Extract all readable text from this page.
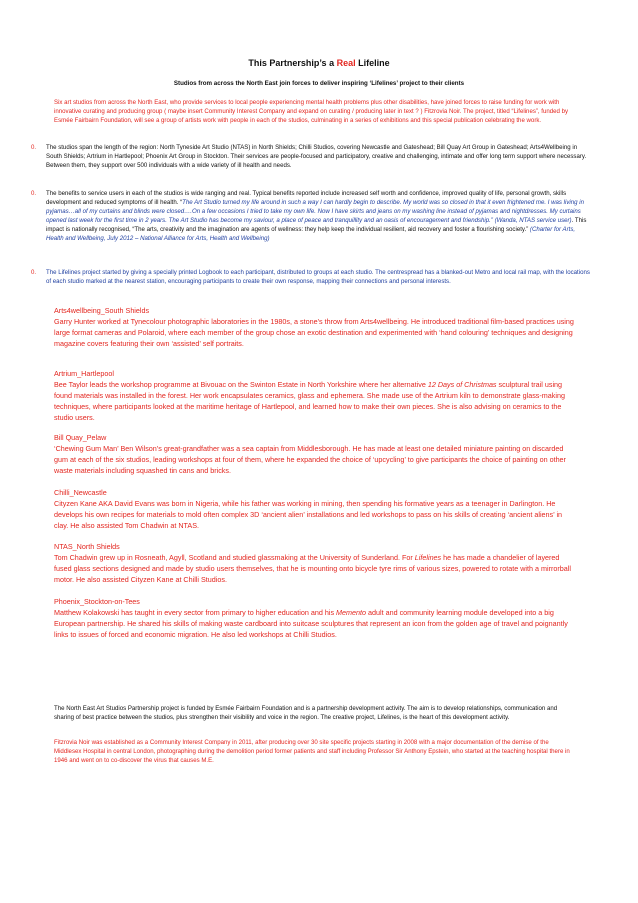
This Partnership’s a Real Lifeline
Studios from across the North East join forces to deliver inspiring ‘Lifelines’ project to their clients
Six art studios from across the North East, who provide services to local people experiencing mental health problems plus other disabilities, have joined forces to raise funding for work with innovative curating and producing group ( maybe insert Community Interest Company and expand on curating / producing later in text ? ) Fitzrovia Noir. The project, titled “Lifelines”, funded by Esmée Fairbairn Foundation, will see a group of artists work with people in each of the studios, culminating in a series of exhibitions and this special publication celebrating the work.
0. The studios span the length of the region: North Tyneside Art Studio (NTAS) in North Shields; Chilli Studios, covering Newcastle and Gateshead; Bill Quay Art Group in Gateshead; Arts4Wellbeing in South Shields; Artrium in Hartlepool; Phoenix Art Group in Stockton. Their services are people-focused and participatory, creative and challenging, intimate and offer long term support where necessary. Between them, they support over 500 individuals with a wide variety of ill health and needs.
0. The benefits to service users in each of the studios is wide ranging and real. Typical benefits reported include increased self worth and confidence, improved quality of life, personal growth, skills development and reduced symptoms of ill health. “The Art Studio turned my life around in such a way I can hardly begin to describe. My world was so closed in that it even frightened me. I was living in pyjamas…all of my curtains and blinds were closed….On a few occasions I tried to take my own life. Now I have skirts and jeans on my washing line instead of pyjamas and nightdresses. My curtains opened last week for the first time in 2 years. The Art Studio has become my saviour, a place of peace and tranquillity and an oasis of encouragement and friendship.” (Wanda, NTAS service user). This impact is nationally recognised, “The arts, creativity and the imagination are agents of wellness: they help keep the individual resilient, aid recovery and foster a flourishing society.” (Charter for Arts, Health and Wellbeing, July 2012 – National Alliance for Arts, Health and Wellbeing)
0. The Lifelines project started by giving a specially printed Logbook to each participant, distributed to groups at each studio. The centrespread has a blanked-out Metro and local rail map, with the locations of each studio marked at the nearest station, encouraging participants to create their own response, mapping their connections and personal interests.
Arts4wellbeing_South Shields
Garry Hunter worked at Tynecolour photographic laboratories in the 1980s, a stone’s throw from Arts4wellbeing. He introduced traditional film-based practices using large format cameras and Polaroid, where each member of the group chose an exotic destination and experimented with ‘hand colouring’ techniques and designing magazine covers featuring their own ‘assisted’ self portraits.
Artrium_Hartlepool
Bee Taylor leads the workshop programme at Bivouac on the Swinton Estate in North Yorkshire where her alternative 12 Days of Christmas sculptural trail using found materials was installed in the forest. Her work encapsulates ceramics, glass and ephemera. She made use of the Artrium kiln to demonstrate glass-making techniques, where participants looked at the maritime heritage of Hartlepool, and learned how to make their own pieces. She is also advising on ceramics to the studio users.
Bill Quay_Pelaw
‘Chewing Gum Man’ Ben Wilson’s great-grandfather was a sea captain from Middlesborough. He has made at least one detailed miniature painting on discarded gum at each of the six studios, leading workshops at four of them, where he expanded the choice of ‘upcycling’ to give participants the choice of painting on other waste materials including squashed tin cans and bricks.
Chilli_Newcastle
Cityzen Kane AKA David Evans was born in Nigeria, while his father was working in mining, then spending his formative years as a teenager in Darlington. He develops his own recipes for materials to mold often complex 3D ‘ancient alien’ installations and led workshops to pass on his skills of creating ‘ancient aliens’ in clay. He also assisted Tom Chadwin at NTAS.
NTAS_North Shields
Tom Chadwin grew up in Rosneath, Agyll, Scotland and studied glassmaking at the University of Sunderland. For Lifelines he has made a chandelier of layered fused glass sections designed and made by studio users themselves, that he is mounting onto bicycle tyre rims of various sizes, powered to rotate with a mirrorball motor. He also assisted Cityzen Kane at Chilli Studios.
Phoenix_Stockton-on-Tees
Matthew Kolakowski has taught in every sector from primary to higher education and his Memento adult and community learning module developed into a big European partnership. He shared his skills of making waste cardboard into suitcase sculptures that represent an icon from the golden age of travel and poignantly links to issues of forced and economic migration. He also led workshops at Chilli Studios.
The North East Art Studios Partnership project is funded by Esmée Fairbairn Foundation and is a partnership development activity. The aim is to develop relationships, communication and sharing of best practice between the studios, plus strengthen their visibility and voice in the region. The creative project, Lifelines, is the heart of this development activity.
Fitzrovia Noir was established as a Community Interest Company in 2011, after producing over 30 site specific projects starting in 2008 with a major documentation of the demise of the Middlesex Hospital in central London, photographing during the demolition period former patients and staff including Professor Sir Anthony Epstein, who started at the teaching hospital there in 1946 and went on to co-discover the virus that causes M.E.
